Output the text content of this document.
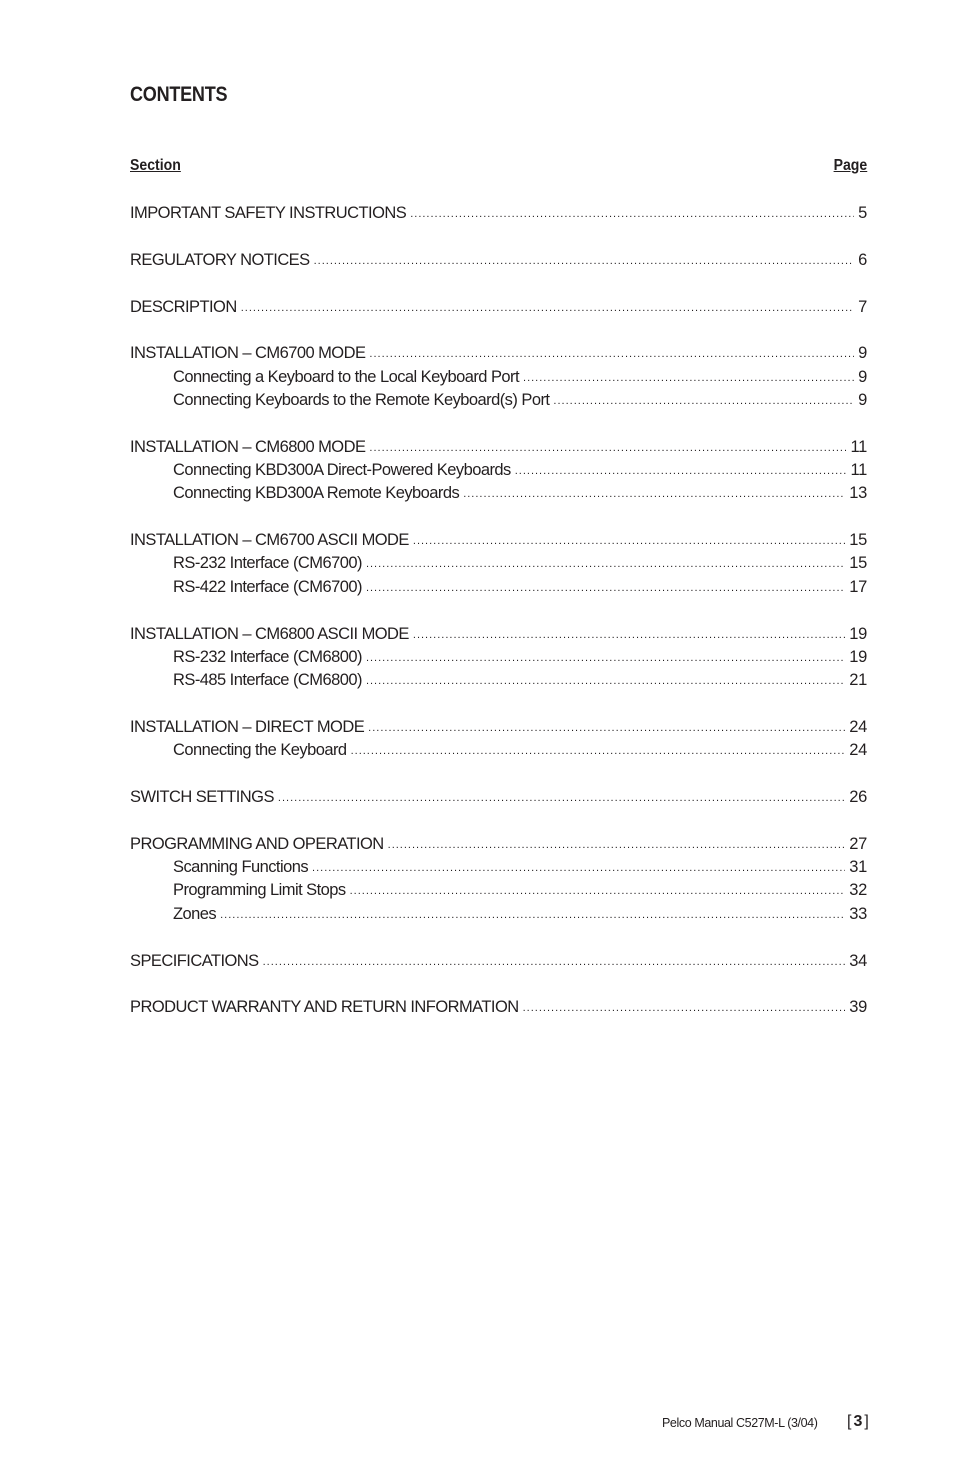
CONTENTS
Section	Page
IMPORTANT SAFETY INSTRUCTIONS .....	5
REGULATORY NOTICES .....	6
DESCRIPTION .....	7
INSTALLATION – CM6700 MODE .....	9
Connecting a Keyboard to the Local Keyboard Port .....	9
Connecting Keyboards to the Remote Keyboard(s) Port .....	9
INSTALLATION – CM6800 MODE .....	11
Connecting KBD300A Direct-Powered Keyboards .....	11
Connecting KBD300A Remote Keyboards .....	13
INSTALLATION – CM6700 ASCII MODE .....	15
RS-232 Interface (CM6700) .....	15
RS-422 Interface (CM6700) .....	17
INSTALLATION – CM6800 ASCII MODE .....	19
RS-232 Interface (CM6800) .....	19
RS-485 Interface (CM6800) .....	21
INSTALLATION – DIRECT MODE .....	24
Connecting the Keyboard .....	24
SWITCH SETTINGS .....	26
PROGRAMMING AND OPERATION .....	27
Scanning Functions .....	31
Programming Limit Stops .....	32
Zones .....	33
SPECIFICATIONS .....	34
PRODUCT WARRANTY AND RETURN INFORMATION .....	39
Pelco Manual C527M-L (3/04) [3]
